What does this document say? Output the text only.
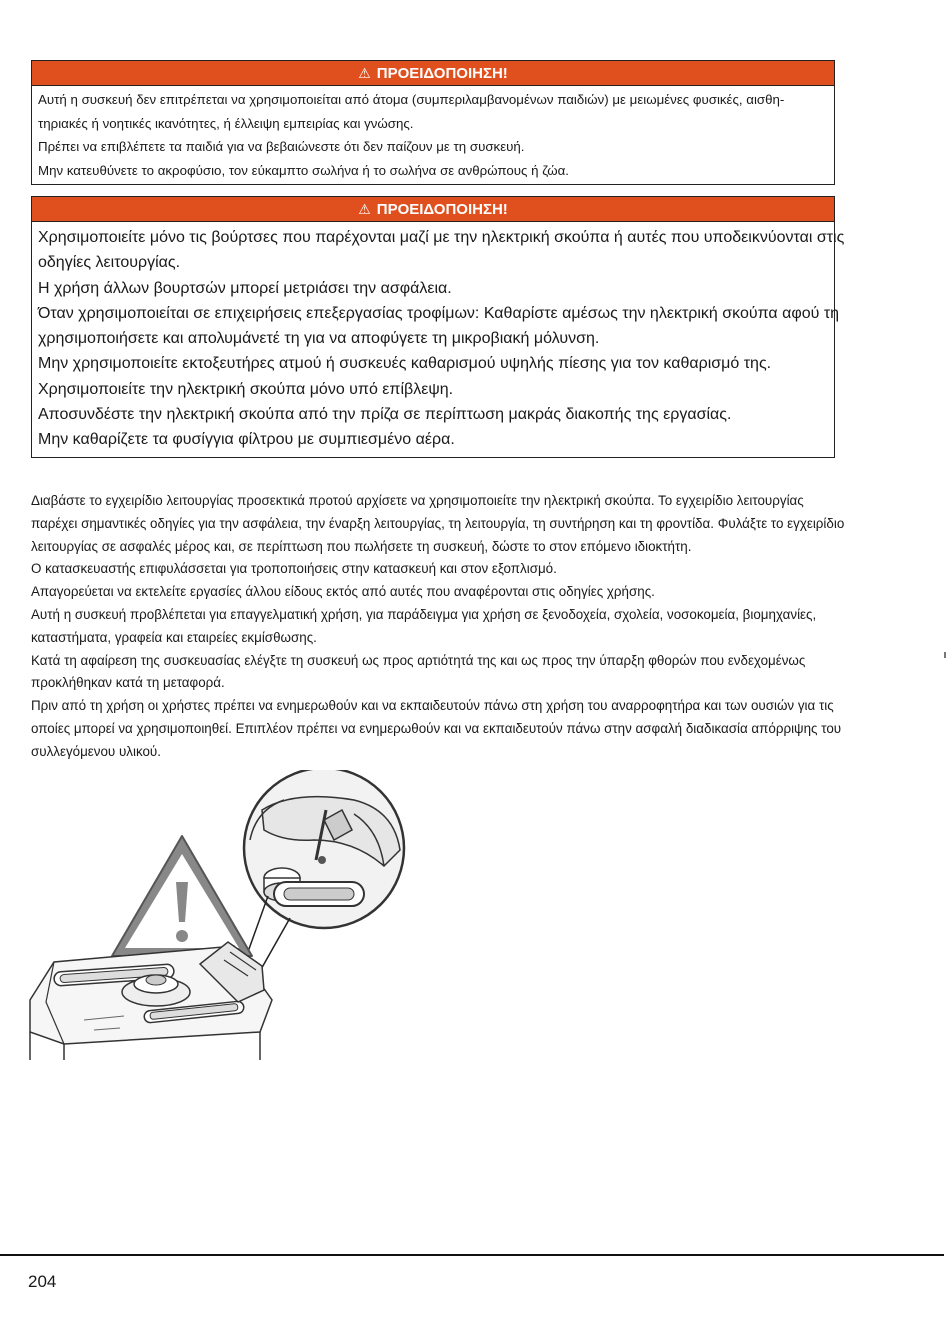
⚠ ΠΡΟΕΙΔΟΠΟΙΗΣΗ!
Αυτή η συσκευή δεν επιτρέπεται να χρησιμοποιείται από άτομα (συμπεριλαμβανομένων παιδιών) με μειωμένες φυσικές, αισθη-
τηριακές ή νοητικές ικανότητες, ή έλλειψη εμπειρίας και γνώσης.
Πρέπει να επιβλέπετε τα παιδιά για να βεβαιώνεστε ότι δεν παίζουν με τη συσκευή.
Μην κατευθύνετε το ακροφύσιο, τον εύκαμπτο σωλήνα ή το σωλήνα σε ανθρώπους ή ζώα.
⚠ ΠΡΟΕΙΔΟΠΟΙΗΣΗ!
Χρησιμοποιείτε μόνο τις βούρτσες που παρέχονται μαζί με την ηλεκτρική σκούπα ή αυτές που υποδεικνύονται στις
οδηγίες λειτουργίας.
Η χρήση άλλων βουρτσών μπορεί μετριάσει την ασφάλεια.
Όταν χρησιμοποιείται σε επιχειρήσεις επεξεργασίας τροφίμων: Καθαρίστε αμέσως την ηλεκτρική σκούπα αφού τη
χρησιμοποιήσετε και απολυμάνετέ τη για να αποφύγετε τη μικροβιακή μόλυνση.
Μην χρησιμοποιείτε εκτοξευτήρες ατμού ή συσκευές καθαρισμού υψηλής πίεσης για τον καθαρισμό της.
Χρησιμοποιείτε την ηλεκτρική σκούπα μόνο υπό επίβλεψη.
Αποσυνδέστε την ηλεκτρική σκούπα από την πρίζα σε περίπτωση μακράς διακοπής της εργασίας.
Μην καθαρίζετε τα φυσίγγια φίλτρου με συμπιεσμένο αέρα.
Διαβάστε το εγχειρίδιο λειτουργίας προσεκτικά προτού αρχίσετε να χρησιμοποιείτε την ηλεκτρική σκούπα. Το εγχειρίδιο λειτουργίας
παρέχει σημαντικές οδηγίες για την ασφάλεια, την έναρξη λειτουργίας, τη λειτουργία, τη συντήρηση και τη φροντίδα. Φυλάξτε το εγχειρίδιο
λειτουργίας σε ασφαλές μέρος και, σε περίπτωση που πωλήσετε τη συσκευή, δώστε το στον επόμενο ιδιοκτήτη.
Ο κατασκευαστής επιφυλάσσεται για τροποποιήσεις στην κατασκευή και στον εξοπλισμό.
Απαγορεύεται να εκτελείτε εργασίες άλλου είδους εκτός από αυτές που αναφέρονται στις οδηγίες χρήσης.
Αυτή η συσκευή προβλέπεται για επαγγελματική χρήση, για παράδειγμα για χρήση σε ξενοδοχεία, σχολεία, νοσοκομεία, βιομηχανίες,
καταστήματα, γραφεία και εταιρείες εκμίσθωσης.
Κατά τη αφαίρεση της συσκευασίας ελέγξτε τη συσκευή ως προς αρτιότητά της και ως προς την ύπαρξη φθορών που ενδεχομένως
προκλήθηκαν κατά τη μεταφορά.
Πριν από τη χρήση οι χρήστες πρέπει να ενημερωθούν και να εκπαιδευτούν πάνω στη χρήση του αναρροφητήρα και των ουσιών για τις
οποίες μπορεί να χρησιμοποιηθεί. Επιπλέον πρέπει να ενημερωθούν και να εκπαιδευτούν πάνω στην ασφαλή διαδικασία απόρριψης του
συλλεγόμενου υλικού.
204
